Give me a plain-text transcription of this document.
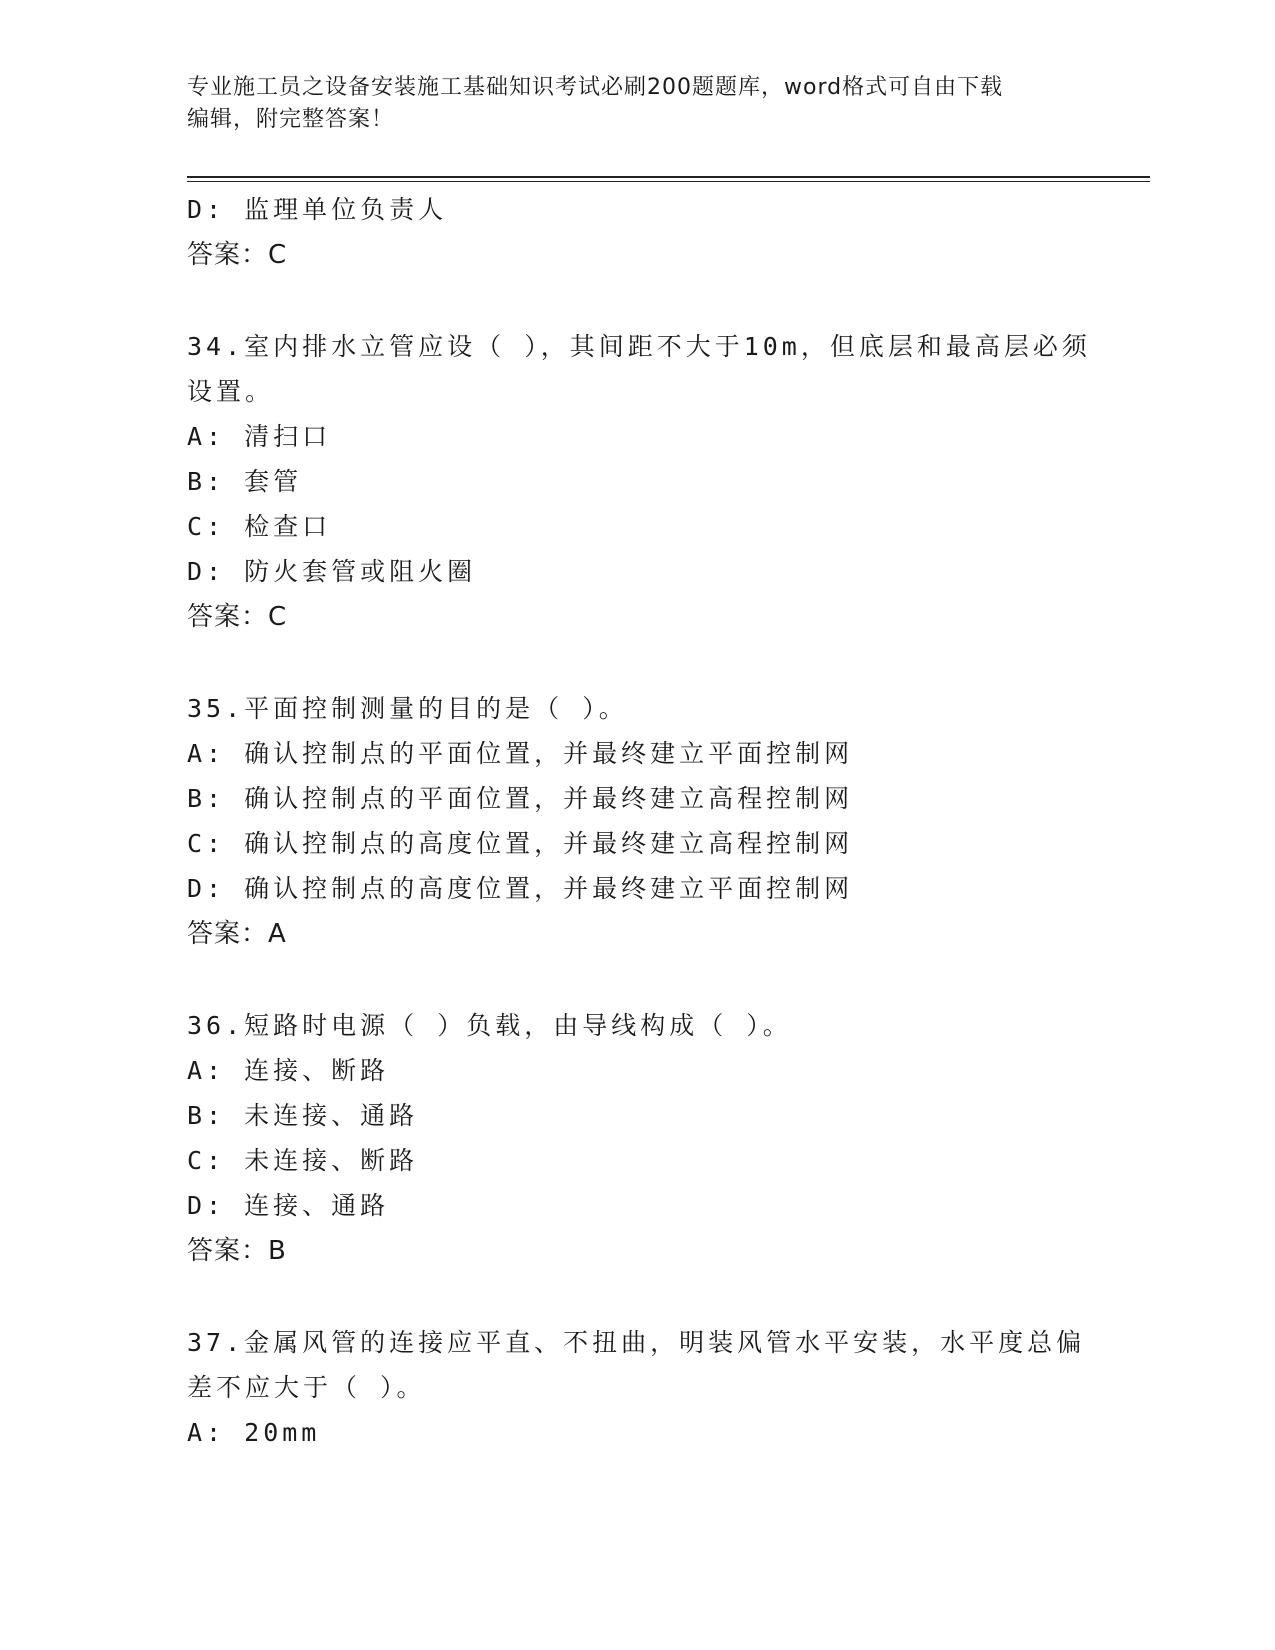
专业施工员之设备安装施工基础知识考试必刷200题题库，word格式可自由下载
编辑，附完整答案！
D: 监理单位负责人
答案：C
34.室内排水立管应设（ ），其间距不大于10m，但底层和最高层必须
设置。
A: 清扫口
B: 套管
C: 检查口
D: 防火套管或阻火圈
答案：C
35.平面控制测量的目的是（ ）。
A: 确认控制点的平面位置，并最终建立平面控制网
B: 确认控制点的平面位置，并最终建立高程控制网
C: 确认控制点的高度位置，并最终建立高程控制网
D: 确认控制点的高度位置，并最终建立平面控制网
答案：A
36.短路时电源（ ）负载，由导线构成（ ）。
A: 连接、断路
B: 未连接、通路
C: 未连接、断路
D: 连接、通路
答案：B
37.金属风管的连接应平直、不扭曲，明装风管水平安装，水平度总偏
差不应大于（ ）。
A: 20mm
